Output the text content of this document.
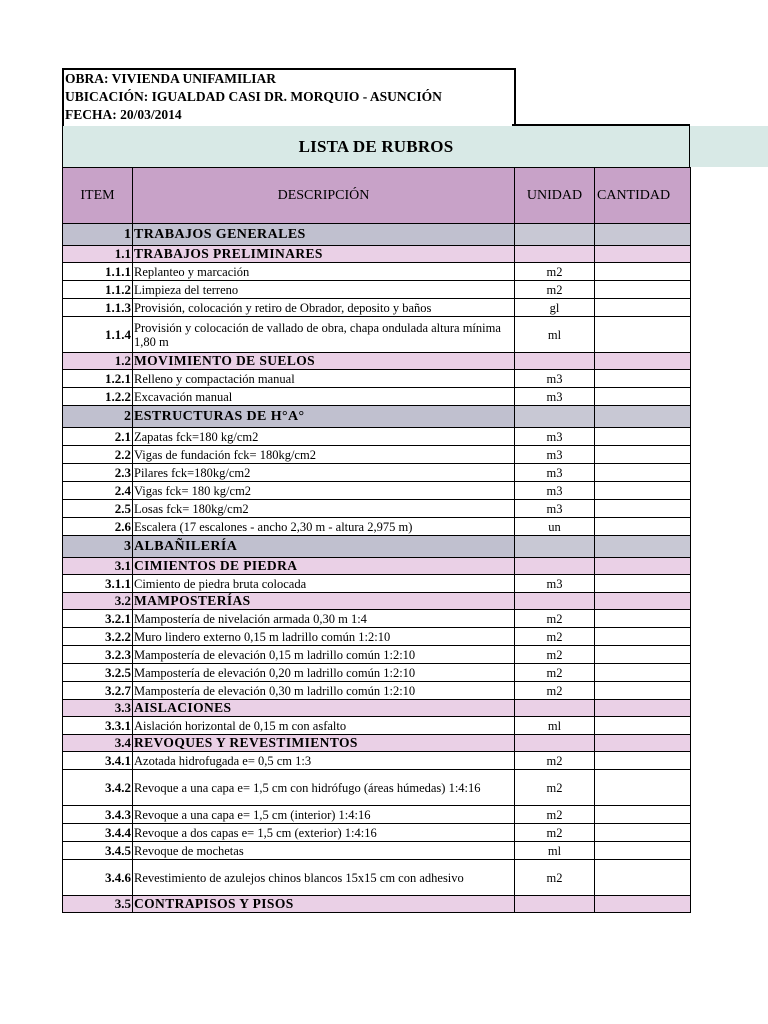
OBRA: VIVIENDA UNIFAMILIAR
UBICACIÓN: IGUALDAD CASI DR. MORQUIO - ASUNCIÓN
FECHA: 20/03/2014
LISTA DE RUBROS
ITEM	DESCRIPCIÓN	UNIDAD	CANTIDAD
1	TRABAJOS GENERALES		
1.1	TRABAJOS PRELIMINARES		
1.1.1	Replanteo y marcación	m2	
1.1.2	Limpieza del terreno	m2	
1.1.3	Provisión, colocación y retiro de Obrador, deposito y baños	gl	
1.1.4	Provisión y colocación de vallado de obra, chapa ondulada altura mínima 1,80 m	ml	
1.2	MOVIMIENTO DE SUELOS		
1.2.1	Relleno y compactación manual	m3	
1.2.2	Excavación manual	m3	
2	ESTRUCTURAS DE H°A°		
2.1	Zapatas fck=180 kg/cm2	m3	
2.2	Vigas de fundación fck= 180kg/cm2	m3	
2.3	Pilares fck=180kg/cm2	m3	
2.4	Vigas fck= 180 kg/cm2	m3	
2.5	Losas fck= 180kg/cm2	m3	
2.6	Escalera (17 escalones - ancho 2,30 m - altura 2,975 m)	un	
3	ALBAÑILERÍA		
3.1	CIMIENTOS DE PIEDRA		
3.1.1	Cimiento de piedra bruta colocada	m3	
3.2	MAMPOSTERÍAS		
3.2.1	Mampostería de nivelación armada 0,30 m 1:4	m2	
3.2.2	Muro lindero externo 0,15 m ladrillo común 1:2:10	m2	
3.2.3	Mampostería de elevación 0,15 m ladrillo común 1:2:10	m2	
3.2.5	Mampostería de elevación 0,20 m ladrillo común 1:2:10	m2	
3.2.7	Mampostería de elevación 0,30 m ladrillo común 1:2:10	m2	
3.3	AISLACIONES		
3.3.1	Aislación horizontal de 0,15 m con asfalto	ml	
3.4	REVOQUES Y REVESTIMIENTOS		
3.4.1	Azotada hidrofugada e= 0,5 cm 1:3	m2	
3.4.2	Revoque a una capa e= 1,5 cm con hidrófugo (áreas húmedas) 1:4:16	m2	
3.4.3	Revoque a una capa e= 1,5 cm (interior) 1:4:16	m2	
3.4.4	Revoque a dos capas e= 1,5 cm (exterior) 1:4:16	m2	
3.4.5	Revoque de mochetas	ml	
3.4.6	Revestimiento de azulejos chinos blancos 15x15 cm con adhesivo	m2	
3.5	CONTRAPISOS Y PISOS		
